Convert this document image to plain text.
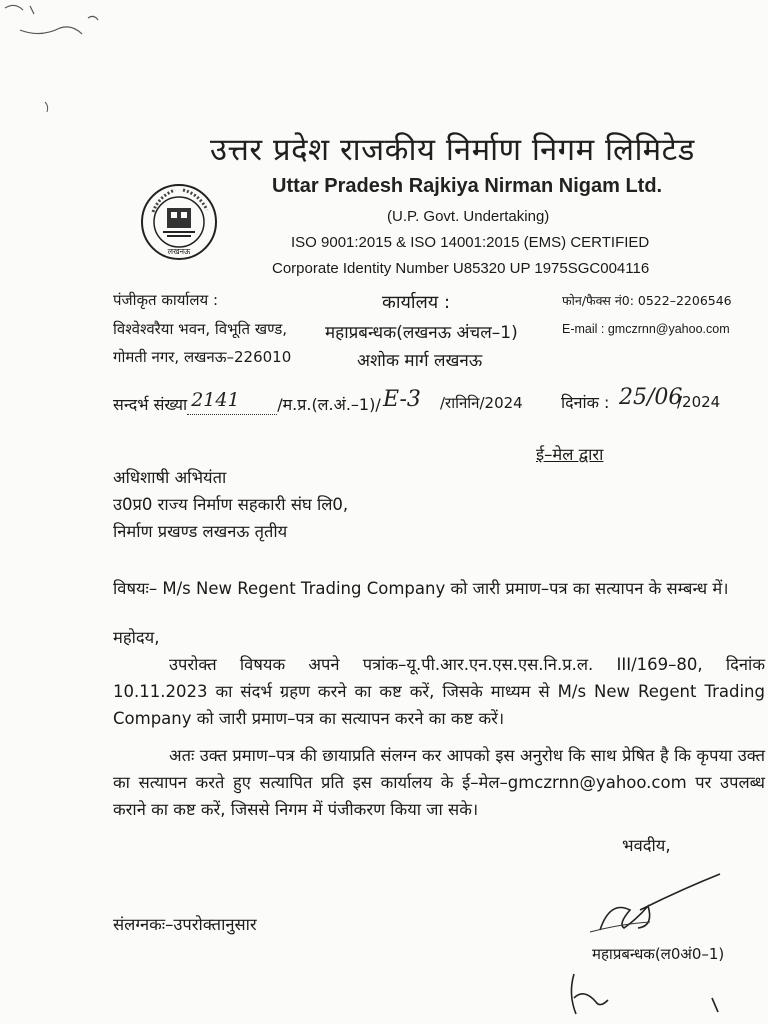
लखनऊ
उत्तर प्रदेश राजकीय निर्माण निगम लिमिटेड
Uttar Pradesh Rajkiya Nirman Nigam Ltd.
(U.P. Govt. Undertaking)
ISO 9001:2015 & ISO 14001:2015 (EMS) CERTIFIED
Corporate Identity Number U85320 UP 1975SGC004116
पंजीकृत कार्यालय :
विश्वेश्वरैया भवन, विभूति खण्ड,
गोमती नगर, लखनऊ–226010
कार्यालय :
महाप्रबन्धक(लखनऊ अंचल–1)
अशोक मार्ग लखनऊ
फोन/फैक्स नं0: 0522–2206546
E-mail : gmczrnn@yahoo.com
सन्दर्भ संख्या 2141 /म.प्र.(ल.अं.–1)/ E-3 /रानिनि/2024 दिनांक : 25/06
/2024
ई–मेल द्वारा
अधिशाषी अभियंता
उ0प्र0 राज्य निर्माण सहकारी संघ लि0,
निर्माण प्रखण्ड लखनऊ तृतीय
विषयः– M/s New Regent Trading Company को जारी प्रमाण–पत्र का सत्यापन के सम्बन्ध में।
महोदय,
उपरोक्त विषयक अपने पत्रांक–यू.पी.आर.एन.एस.एस.नि.प्र.ल. III/169–80, दिनांक 10.11.2023 का संदर्भ ग्रहण करने का कष्ट करें, जिसके माध्यम से M/s New Regent Trading Company को जारी प्रमाण–पत्र का सत्यापन करने का कष्ट करें।
अतः उक्त प्रमाण–पत्र की छायाप्रति संलग्न कर आपको इस अनुरोध कि साथ प्रेषित है कि कृपया उक्त का सत्यापन करते हुए सत्यापित प्रति इस कार्यालय के ई–मेल–gmczrnn@yahoo.com पर उपलब्ध कराने का कष्ट करें, जिससे निगम में पंजीकरण किया जा सके।
भवदीय,
संलग्नकः–उपरोक्तानुसार
महाप्रबन्धक(ल0अं0–1)
